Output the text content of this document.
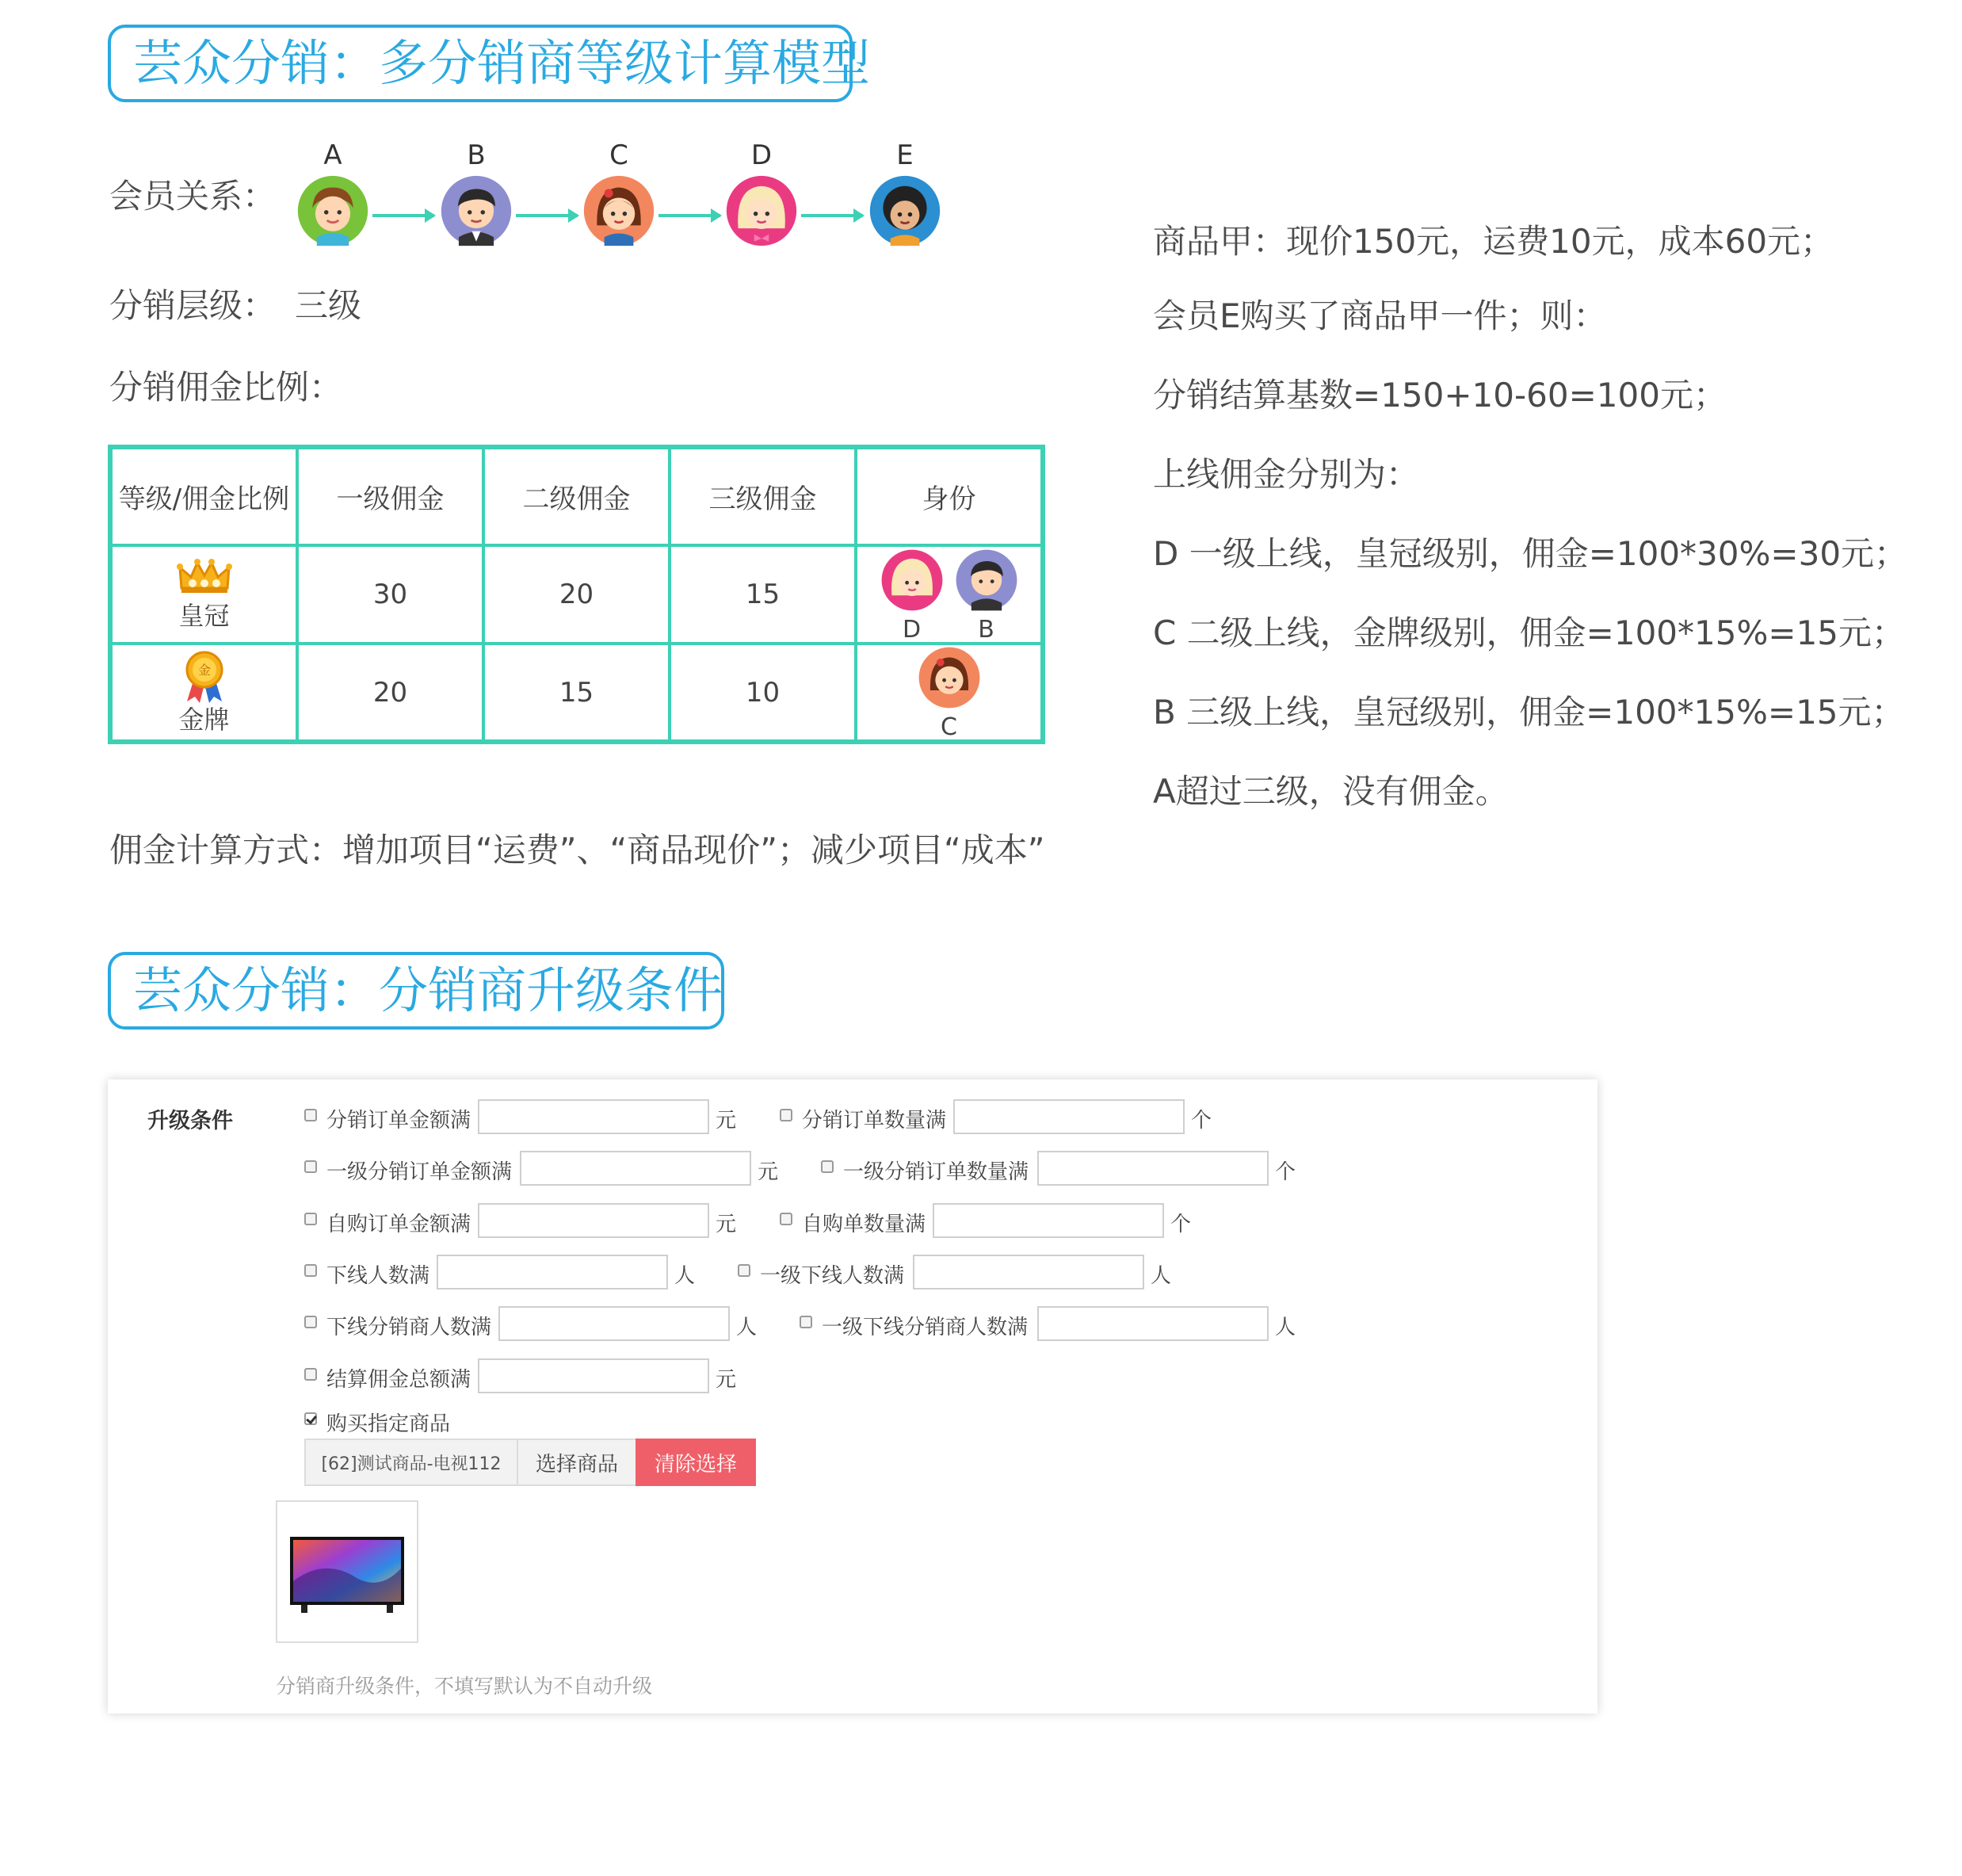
芸众分销：多分销商等级计算模型
会员关系：
A	B	C	D	E
分销层级： 三级
分销佣金比例：
等级/佣金比例	一级佣金	二级佣金	三级佣金	身份

皇冠	30	20	15	D B

金
金牌	20	15	10	C
佣金计算方式：增加项目“运费”、“商品现价”；减少项目“成本”
商品甲：现价150元，运费10元，成本60元；
会员E购买了商品甲一件；则：
分销结算基数=150+10-60=100元；
上线佣金分别为：
D 一级上线，皇冠级别，佣金=100*30%=30元；
C 二级上线，金牌级别，佣金=100*15%=15元；
B 三级上线，皇冠级别，佣金=100*15%=15元；
A超过三级，没有佣金。
芸众分销：分销商升级条件
升级条件	分销订单金额满	元	分销订单数量满	个
一级分销订单金额满	元	一级分销订单数量满	个
自购订单金额满	元	自购单数量满	个
下线人数满	人	一级下线人数满	人
下线分销商人数满	人	一级下线分销商人数满	人
结算佣金总额满	元
购买指定商品
[62]测试商品-电视112 选择商品 清除选择
分销商升级条件，不填写默认为不自动升级
